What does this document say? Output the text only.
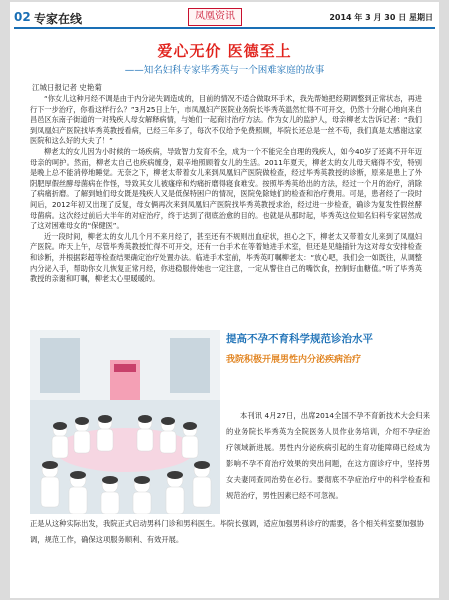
02 专家在线	凤凰资讯	2014 年 3 月 30 日 星期日
爱心无价 医德至上
——知名妇科专家毕秀英与一个困难家庭的故事
江城日报记者 史艳菊

“你女儿这种月经不调是由于内分泌失调造成的，目前的情况不适合做取环手术，我先帮她把经期调整到正常状态，再进行下一步治疗，你看这样行么？”3月25日上午，市凤凰妇产医院业务院长毕秀英温然忙得不可开交，仍然十分耐心地向来自昌邑区东南子街道的一对残疾人母女解释病情，与她们一起商讨治疗方法。作为女儿的监护人，母亲柳老太告诉记者：“我们到凤凰妇产医院找毕秀英教授看病，已经三年多了，每次不仅给予免费照顾，毕院长还总是一丝不苟，我们真是太感谢这家医院和这么好的大夫了！”

柳老太的女儿因为小时候的一场疾病，导致智力发育不全，成为一个不能完全自理的残疾人，如今40岁了还离不开年迈母亲的呵护。然而，柳老太自己也疾病缠身，艰辛地照顾着女儿的生活。2011年夏天，柳老太的女儿母天痛得不安，特别是晚上总不能消停地睡觉。无奈之下，柳老太带着女儿来到凤凰妇产医院做检查，经过毕秀英教授的诊断，原来是患上了外阴肥厚假丝酵母菌病在作怪，导致其女儿被瘙痒和灼痛折磨得寝食难安。按照毕秀英给出的方法，经过一个月的治疗，消除了病痛折磨。了解到她们母女既是残疾人又是低保特困户的情况，医院免除她们的检查和治疗费用。可是，患者经了一段时间后，2012年初又出现了反复，母女俩再次来到凤凰妇产医院找毕秀英教授求治，经过进一步检查，确诊为复发性假丝酵母菌病。这次经过前后大半年的对症治疗，终于达到了彻底治愈的目的。也就是从那时起，毕秀英这位知名妇科专家居然成了这对困难母女的“保健医”。

近一段时间，柳老太的女儿几个月不来月经了，甚至还有不规则出血症状，担心之下，柳老太又带着女儿来到了凤凰妇产医院。昨天上午，尽管毕秀英教授忙得不可开交，还有一台手术在等着她进手术室，但还是见缝插针为这对母女安排检查和诊断，并根据彩超等检查结果确定治疗处置办法。临进手术室前，毕秀英叮嘱柳老太：“放心吧，我们会一如既往，从调整内分泌入手，帮助你女儿恢复正常月经，你进稳服侍她也一定注意，一定从警住自己的嘴饮食，控制好血糖值。”听了毕秀英教授的亲谢和叮嘱，柳老太心里暖暖的。

提高不孕不育科学规范诊治水平
我院积极开展男性内分泌疾病治疗

本刊讯 4月27日，出席2014全国不孕不育新技术大会归来的业务院长毕秀英为全院医务人员作业务培训，介绍不孕症治疗领域新进展。男性内分泌疾病引起的生育功能障碍已经成为影响不孕不育治疗效果的突出问题，在这方面诊疗中，坚持男女夫妻同查同治势在必行。要彻底不孕症治疗中的科学检查和规范治疗，男性因素已经不可忽视。

正是从这种实际出发，我院正式启动男科门诊和男科医生。毕院长强调，适应加强男科诊疗的需要，各个相关科室要加强协调，规范工作，确保这项服务顺利、有效开展。
